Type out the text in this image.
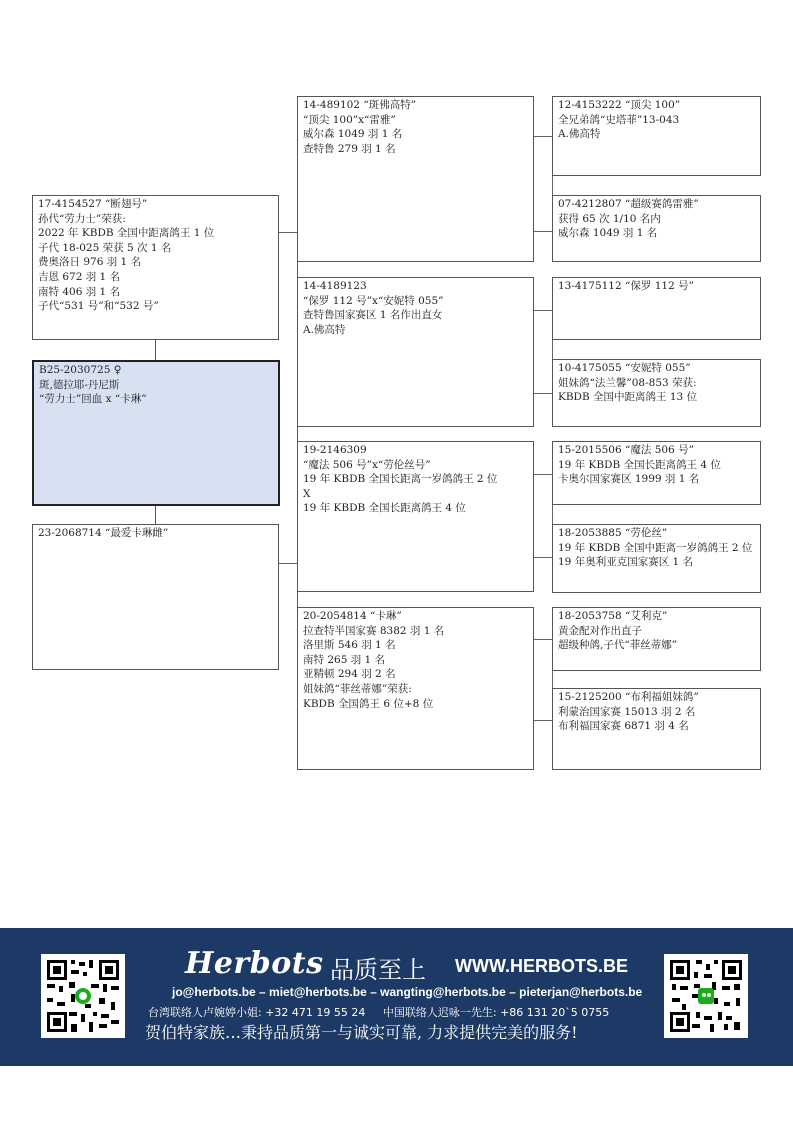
17-4154527 “断翅号”
孙代“劳力士”荣获:
2022 年 KBDB 全国中距离鸽王 1 位
子代 18-025 荣获 5 次 1 名
费奥洛日 976 羽 1 名
吉恩 672 羽 1 名
南特 406 羽 1 名
子代“531 号”和“532 号”
B25-2030725 ♀
斑,德拉耶-丹尼斯
“劳力士”回血 x “卡琳”
23-2068714 “最爱卡琳雌”
14-489102 “斑佛高特”
“顶尖 100”x“雷雅”
威尔森 1049 羽 1 名
查特鲁 279 羽 1 名
14-4189123
“保罗 112 号”x“安妮特 055”
查特鲁国家赛区 1 名作出直女
A.佛高特
19-2146309
“魔法 506 号”x“劳伦丝号”
19 年 KBDB 全国长距离一岁鸽鸽王 2 位
X
19 年 KBDB 全国长距离鸽王 4 位
20-2054814 “卡琳”
拉查特半国家赛 8382 羽 1 名
洛里斯 546 羽 1 名
南特 265 羽 1 名
亚精顿 294 羽 2 名
姐妹鸽“菲丝蒂娜”荣获:
KBDB 全国鸽王 6 位+8 位
12-4153222 “顶尖 100”
全兄弟鸽“史塔菲”13-043
A.佛高特
07-4212807 “超级赛鸽雷雅”
获得 65 次 1/10 名内
威尔森 1049 羽 1 名
13-4175112 “保罗 112 号”
10-4175055 “安妮特 055”
姐妹鸽“法兰馨”08-853 荣获:
KBDB 全国中距离鸽王 13 位
15-2015506 “魔法 506 号”
19 年 KBDB 全国长距离鸽王 4 位
卡奥尔国家赛区 1999 羽 1 名
18-2053885 “劳伦丝”
19 年 KBDB 全国中距离一岁鸽鸽王 2 位
19 年奥利亚克国家赛区 1 名
18-2053758 “艾利克”
黄金配对作出直子
超级种鸽,子代“菲丝蒂娜”
15-2125200 “布利福姐妹鸽”
利蒙治国家赛 15013 羽 2 名
布利福国家赛 6871 羽 4 名
Herbots 品质至上 WWW.HERBOTS.BE
jo@herbots.be – miet@herbots.be – wangting@herbots.be – pieterjan@herbots.be
台湾联络人卢婉婷小姐: +32 471 19 55 24 中国联络人迟咏一先生: +86 131 20`5 0755
贺伯特家族…秉持品质第一与诚实可靠, 力求提供完美的服务!
